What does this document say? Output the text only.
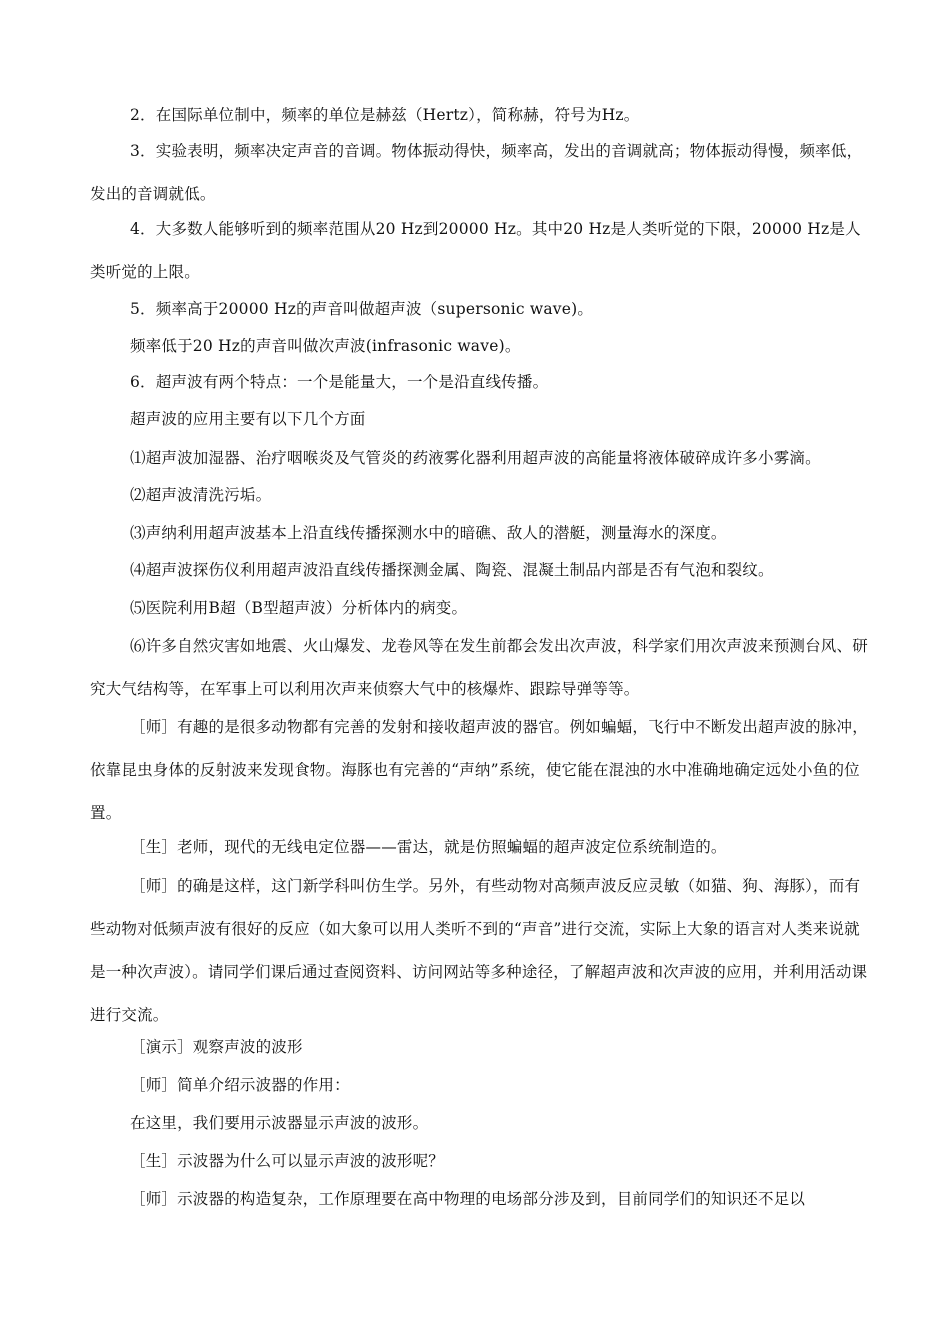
2．在国际单位制中，频率的单位是赫兹（Hertz），简称赫，符号为Hz。

3．实验表明，频率决定声音的音调。物体振动得快，频率高，发出的音调就高；物体振动得慢，频率低，发出的音调就低。

4．大多数人能够听到的频率范围从20 Hz到20000 Hz。其中20 Hz是人类听觉的下限，20000 Hz是人类听觉的上限。

5．频率高于20000 Hz的声音叫做超声波（supersonic wave)。

频率低于20 Hz的声音叫做次声波(infrasonic wave)。

6．超声波有两个特点：一个是能量大，一个是沿直线传播。

超声波的应用主要有以下几个方面

⑴超声波加湿器、治疗咽喉炎及气管炎的药液雾化器利用超声波的高能量将液体破碎成许多小雾滴。

⑵超声波清洗污垢。

⑶声纳利用超声波基本上沿直线传播探测水中的暗礁、敌人的潜艇，测量海水的深度。

⑷超声波探伤仪利用超声波沿直线传播探测金属、陶瓷、混凝土制品内部是否有气泡和裂纹。

⑸医院利用B超（B型超声波）分析体内的病变。

⑹许多自然灾害如地震、火山爆发、龙卷风等在发生前都会发出次声波，科学家们用次声波来预测台风、研究大气结构等，在军事上可以利用次声来侦察大气中的核爆炸、跟踪导弹等等。

［师］有趣的是很多动物都有完善的发射和接收超声波的器官。例如蝙蝠，飞行中不断发出超声波的脉冲，依靠昆虫身体的反射波来发现食物。海豚也有完善的“声纳”系统，使它能在混浊的水中准确地确定远处小鱼的位置。

［生］老师，现代的无线电定位器——雷达，就是仿照蝙蝠的超声波定位系统制造的。

［师］的确是这样，这门新学科叫仿生学。另外，有些动物对高频声波反应灵敏（如猫、狗、海豚），而有些动物对低频声波有很好的反应（如大象可以用人类听不到的“声音”进行交流，实际上大象的语言对人类来说就是一种次声波）。请同学们课后通过查阅资料、访问网站等多种途径，了解超声波和次声波的应用，并利用活动课进行交流。

［演示］观察声波的波形

［师］简单介绍示波器的作用：

在这里，我们要用示波器显示声波的波形。

［生］示波器为什么可以显示声波的波形呢？

［师］示波器的构造复杂，工作原理要在高中物理的电场部分涉及到，目前同学们的知识还不足以
